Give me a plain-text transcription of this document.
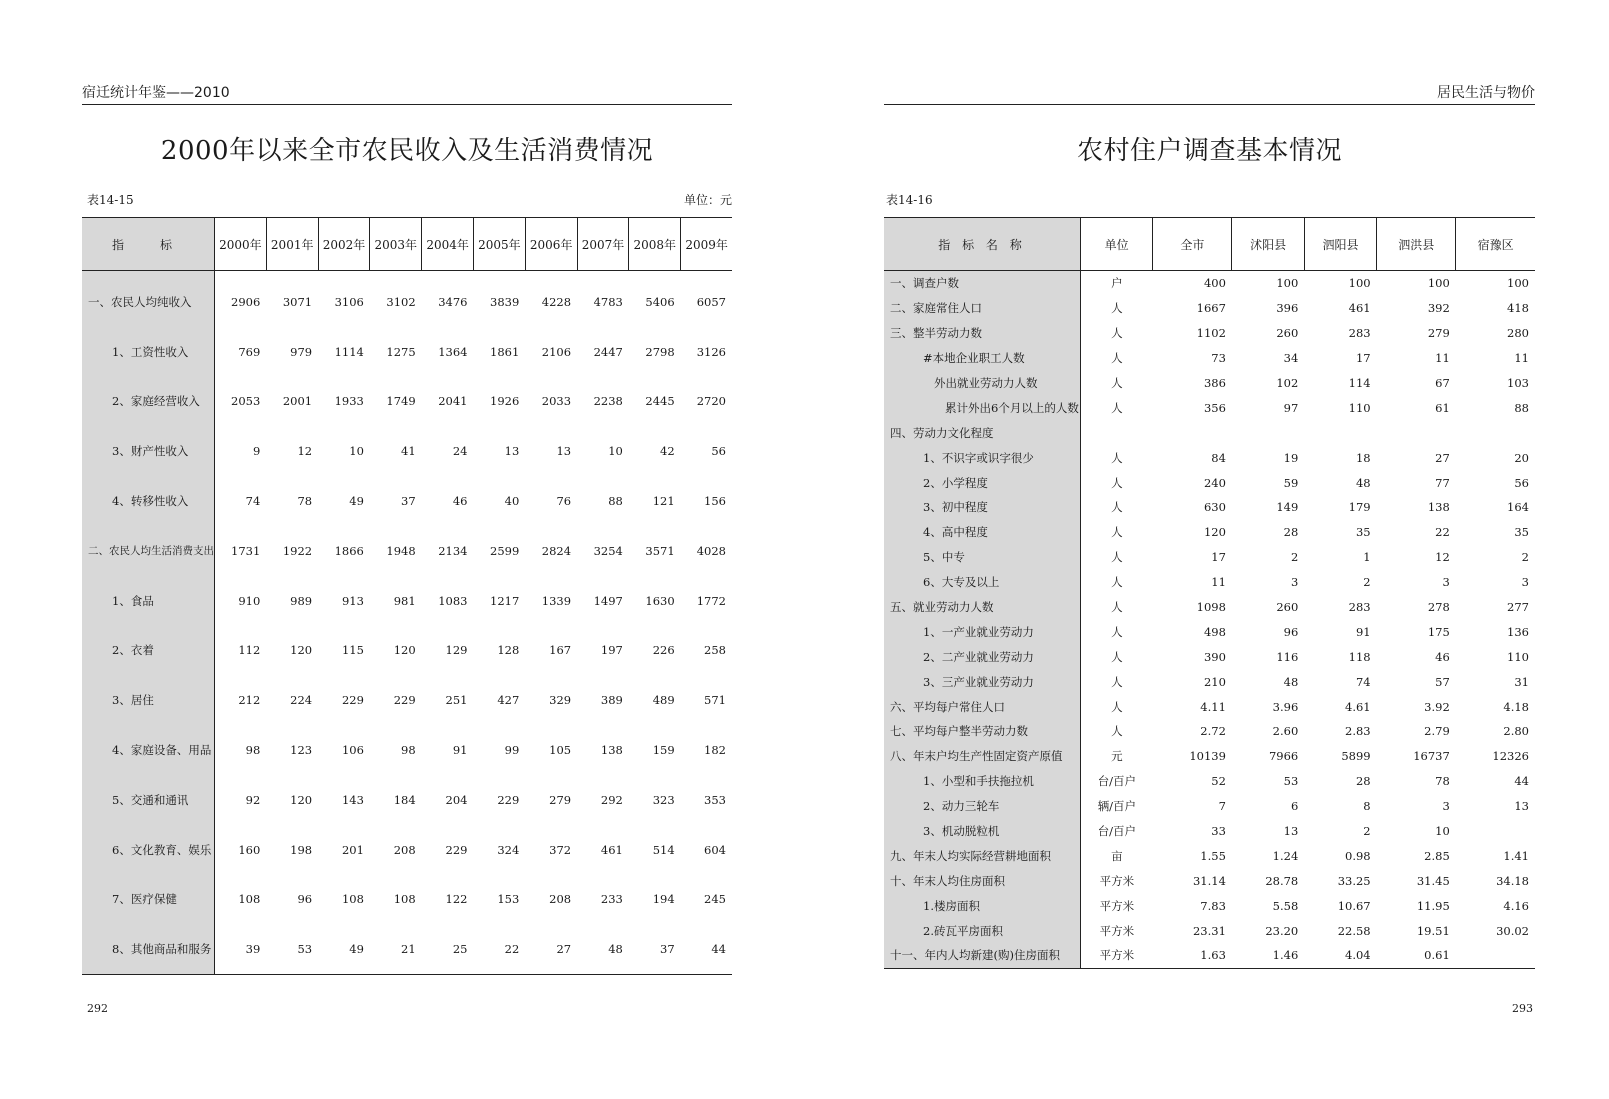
宿迁统计年鉴——2010
2000年以来全市农民收入及生活消费情况
表14-15	单位：元
292
指　标	2000年	2001年	2002年	2003年	2004年	2005年	2006年	2007年	2008年	2009年
一、农民人均纯收入	2906	3071	3106	3102	3476	3839	4228	4783	5406	6057
1、工资性收入	769	979	1114	1275	1364	1861	2106	2447	2798	3126
2、家庭经营收入	2053	2001	1933	1749	2041	1926	2033	2238	2445	2720
3、财产性收入	9	12	10	41	24	13	13	10	42	56
4、转移性收入	74	78	49	37	46	40	76	88	121	156
二、农民人均生活消费支出	1731	1922	1866	1948	2134	2599	2824	3254	3571	4028
1、食品	910	989	913	981	1083	1217	1339	1497	1630	1772
2、衣着	112	120	115	120	129	128	167	197	226	258
3、居住	212	224	229	229	251	427	329	389	489	571
4、家庭设备、用品	98	123	106	98	91	99	105	138	159	182
5、交通和通讯	92	120	143	184	204	229	279	292	323	353
6、文化教育、娱乐	160	198	201	208	229	324	372	461	514	604
7、医疗保健	108	96	108	108	122	153	208	233	194	245
8、其他商品和服务	39	53	49	21	25	22	27	48	37	44
居民生活与物价
农村住户调查基本情况
表14-16
293
指 标 名 称	单位	全市	沭阳县	泗阳县	泗洪县	宿豫区
一、调查户数	户	400	100	100	100	100
二、家庭常住人口	人	1667	396	461	392	418
三、整半劳动力数	人	1102	260	283	279	280
#本地企业职工人数	人	73	34	17	11	11
外出就业劳动力人数	人	386	102	114	67	103
累计外出6个月以上的人数	人	356	97	110	61	88
四、劳动力文化程度						
1、不识字或识字很少	人	84	19	18	27	20
2、小学程度	人	240	59	48	77	56
3、初中程度	人	630	149	179	138	164
4、高中程度	人	120	28	35	22	35
5、中专	人	17	2	1	12	2
6、大专及以上	人	11	3	2	3	3
五、就业劳动力人数	人	1098	260	283	278	277
1、一产业就业劳动力	人	498	96	91	175	136
2、二产业就业劳动力	人	390	116	118	46	110
3、三产业就业劳动力	人	210	48	74	57	31
六、平均每户常住人口	人	4.11	3.96	4.61	3.92	4.18
七、平均每户整半劳动力数	人	2.72	2.60	2.83	2.79	2.80
八、年末户均生产性固定资产原值	元	10139	7966	5899	16737	12326
1、小型和手扶拖拉机	台/百户	52	53	28	78	44
2、动力三轮车	辆/百户	7	6	8	3	13
3、机动脱粒机	台/百户	33	13	2	10	
九、年末人均实际经营耕地面积	亩	1.55	1.24	0.98	2.85	1.41
十、年末人均住房面积	平方米	31.14	28.78	33.25	31.45	34.18
1.楼房面积	平方米	7.83	5.58	10.67	11.95	4.16
2.砖瓦平房面积	平方米	23.31	23.20	22.58	19.51	30.02
十一、年内人均新建(购)住房面积	平方米	1.63	1.46	4.04	0.61	
